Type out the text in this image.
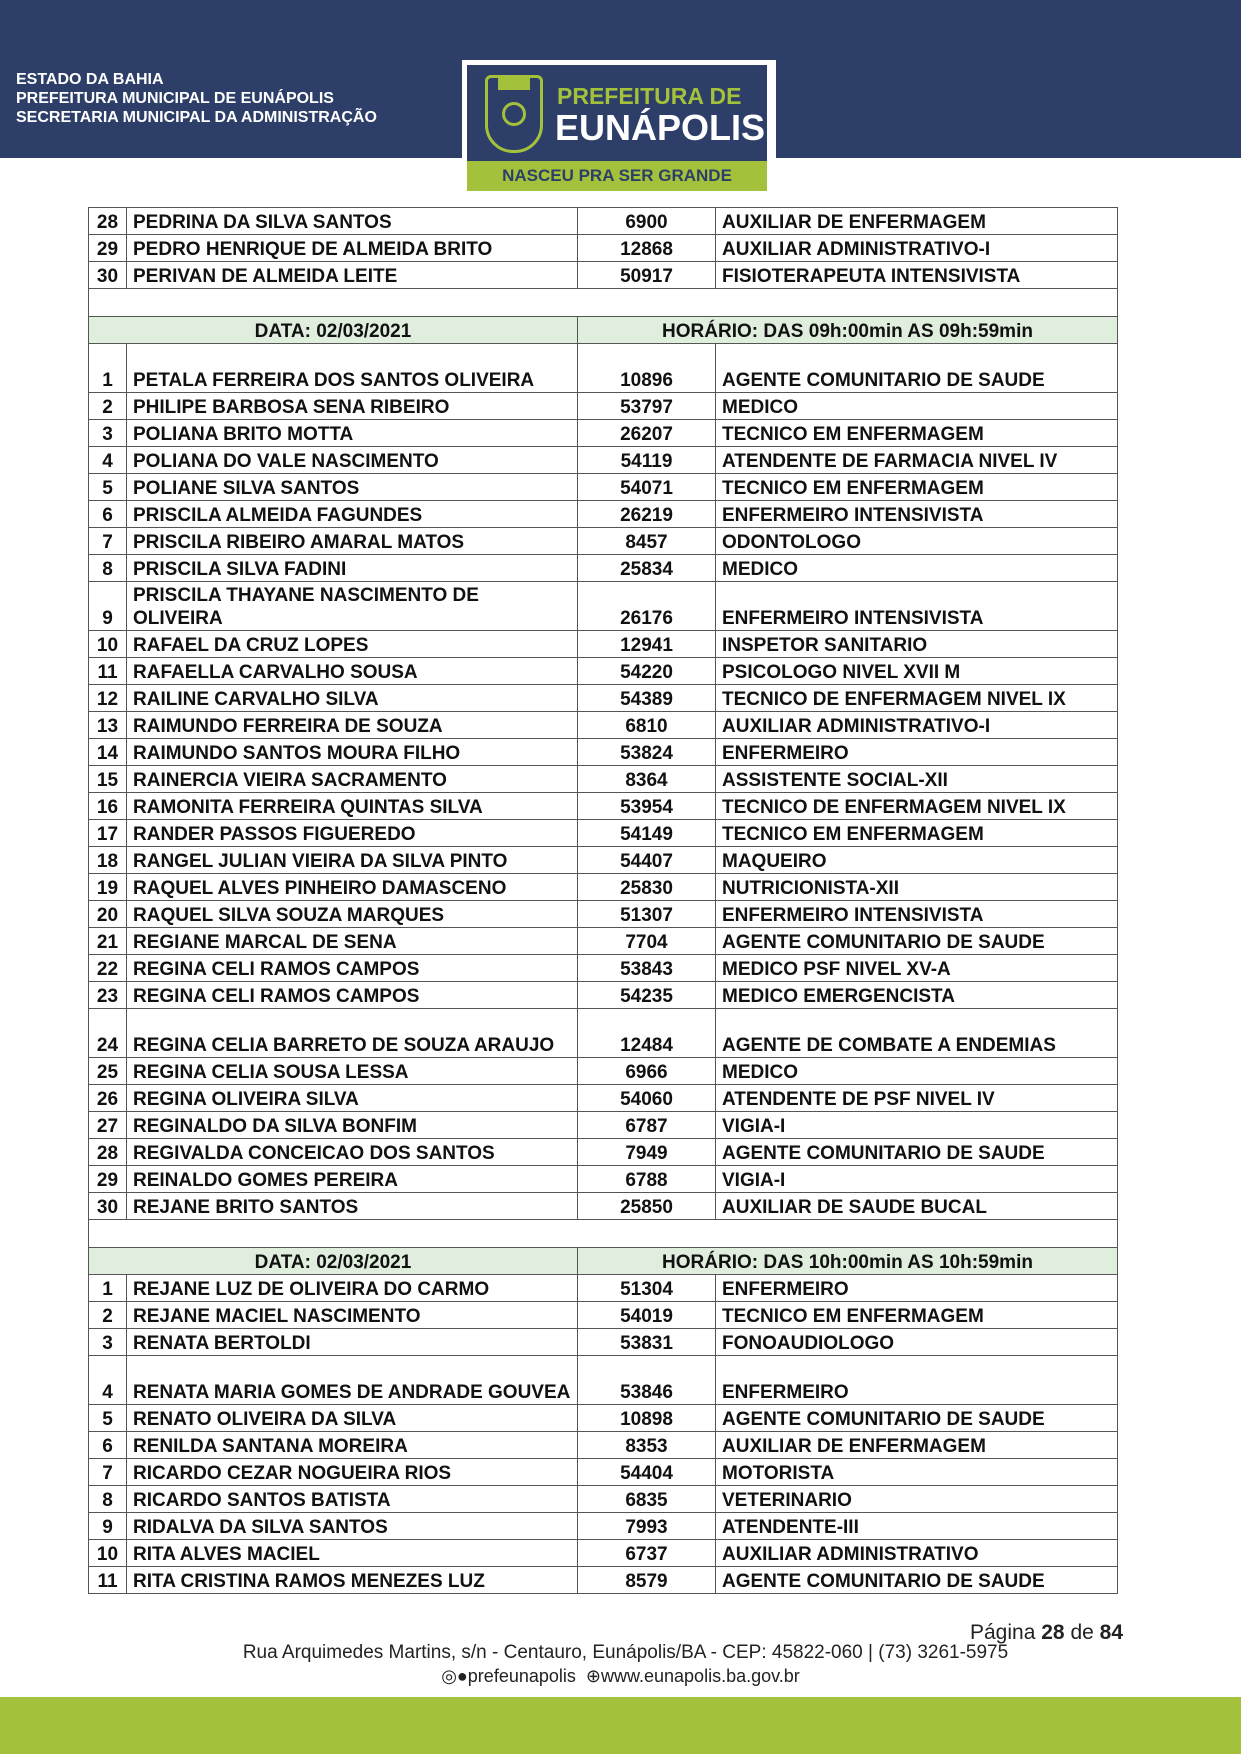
ESTADO DA BAHIA
PREFEITURA MUNICIPAL DE EUNÁPOLIS
SECRETARIA MUNICIPAL DA ADMINISTRAÇÃO
PREFEITURA DE
EUNÁPOLIS
NASCEU PRA SER GRANDE
28	PEDRINA DA SILVA SANTOS	6900	AUXILIAR DE ENFERMAGEM
29	PEDRO HENRIQUE DE ALMEIDA BRITO	12868	AUXILIAR ADMINISTRATIVO-I
30	PERIVAN DE ALMEIDA LEITE	50917	FISIOTERAPEUTA INTENSIVISTA

DATA: 02/03/2021		HORÁRIO: DAS 09h:00min AS 09h:59min	
1	PETALA FERREIRA DOS SANTOS OLIVEIRA	10896	AGENTE COMUNITARIO DE SAUDE
2	PHILIPE BARBOSA SENA RIBEIRO	53797	MEDICO
3	POLIANA BRITO MOTTA	26207	TECNICO EM ENFERMAGEM
4	POLIANA DO VALE NASCIMENTO	54119	ATENDENTE DE FARMACIA NIVEL IV
5	POLIANE SILVA SANTOS	54071	TECNICO EM ENFERMAGEM
6	PRISCILA ALMEIDA FAGUNDES	26219	ENFERMEIRO INTENSIVISTA
7	PRISCILA RIBEIRO AMARAL MATOS	8457	ODONTOLOGO
8	PRISCILA SILVA FADINI	25834	MEDICO
9	PRISCILA THAYANE NASCIMENTO DE OLIVEIRA	26176	ENFERMEIRO INTENSIVISTA
10	RAFAEL DA CRUZ LOPES	12941	INSPETOR SANITARIO
11	RAFAELLA CARVALHO SOUSA	54220	PSICOLOGO NIVEL XVII M
12	RAILINE CARVALHO SILVA	54389	TECNICO DE ENFERMAGEM NIVEL IX
13	RAIMUNDO FERREIRA DE SOUZA	6810	AUXILIAR ADMINISTRATIVO-I
14	RAIMUNDO SANTOS MOURA FILHO	53824	ENFERMEIRO
15	RAINERCIA VIEIRA SACRAMENTO	8364	ASSISTENTE SOCIAL-XII
16	RAMONITA FERREIRA QUINTAS SILVA	53954	TECNICO DE ENFERMAGEM NIVEL IX
17	RANDER PASSOS FIGUEREDO	54149	TECNICO EM ENFERMAGEM
18	RANGEL JULIAN VIEIRA DA SILVA PINTO	54407	MAQUEIRO
19	RAQUEL ALVES PINHEIRO DAMASCENO	25830	NUTRICIONISTA-XII
20	RAQUEL SILVA SOUZA MARQUES	51307	ENFERMEIRO INTENSIVISTA
21	REGIANE MARCAL DE SENA	7704	AGENTE COMUNITARIO DE SAUDE
22	REGINA CELI RAMOS CAMPOS	53843	MEDICO PSF NIVEL XV-A
23	REGINA CELI RAMOS CAMPOS	54235	MEDICO EMERGENCISTA
24	REGINA CELIA BARRETO DE SOUZA ARAUJO	12484	AGENTE DE COMBATE A ENDEMIAS
25	REGINA CELIA SOUSA LESSA	6966	MEDICO
26	REGINA OLIVEIRA SILVA	54060	ATENDENTE DE PSF NIVEL IV
27	REGINALDO DA SILVA BONFIM	6787	VIGIA-I
28	REGIVALDA CONCEICAO DOS SANTOS	7949	AGENTE COMUNITARIO DE SAUDE
29	REINALDO GOMES PEREIRA	6788	VIGIA-I
30	REJANE BRITO SANTOS	25850	AUXILIAR DE SAUDE BUCAL

DATA: 02/03/2021		HORÁRIO: DAS 10h:00min AS 10h:59min	
1	REJANE LUZ DE OLIVEIRA DO CARMO	51304	ENFERMEIRO
2	REJANE MACIEL NASCIMENTO	54019	TECNICO EM ENFERMAGEM
3	RENATA BERTOLDI	53831	FONOAUDIOLOGO
4	RENATA MARIA GOMES DE ANDRADE GOUVEA	53846	ENFERMEIRO
5	RENATO OLIVEIRA DA SILVA	10898	AGENTE COMUNITARIO DE SAUDE
6	RENILDA SANTANA MOREIRA	8353	AUXILIAR DE ENFERMAGEM
7	RICARDO CEZAR NOGUEIRA RIOS	54404	MOTORISTA
8	RICARDO SANTOS BATISTA	6835	VETERINARIO
9	RIDALVA DA SILVA SANTOS	7993	ATENDENTE-III
10	RITA ALVES MACIEL	6737	AUXILIAR ADMINISTRATIVO
11	RITA CRISTINA RAMOS MENEZES LUZ	8579	AGENTE COMUNITARIO DE SAUDE
Página 28 de 84
Rua Arquimedes Martins, s/n - Centauro, Eunápolis/BA - CEP: 45822-060 | (73) 3261-5975
◎●prefeunapolis ⊕www.eunapolis.ba.gov.br
